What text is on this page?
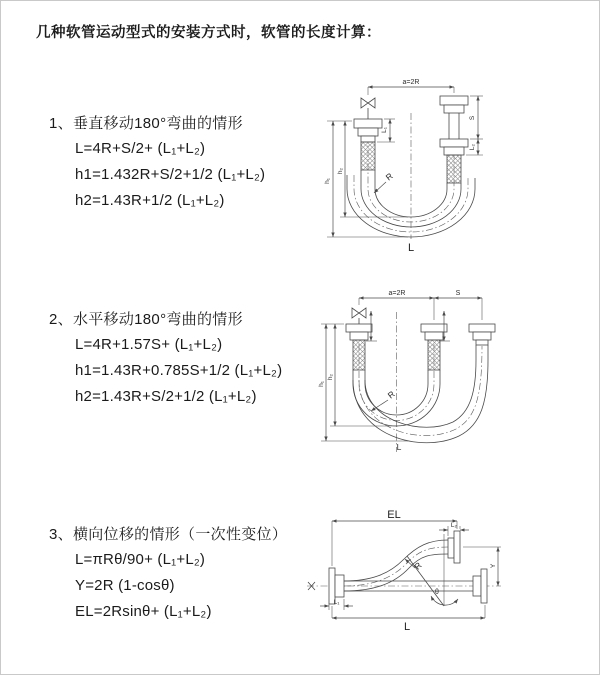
几种软管运动型式的安装方式时，软管的长度计算：
1、垂直移动180°弯曲的情形
L=4R+S/2+ (L₁+L₂)
h1=1.432R+S/2+1/2 (L₁+L₂)
h2=1.43R+1/2 (L₁+L₂)
2、水平移动180°弯曲的情形
L=4R+1.57S+ (L₁+L₂)
h1=1.43R+0.785S+1/2 (L₁+L₂)
h2=1.43R+S/2+1/2 (L₁+L₂)
3、横向位移的情形（一次性变位）
L=πRθ/90+ (L₁+L₂)
Y=2R (1-cosθ)
EL=2Rsinθ+ (L₁+L₂)
a=2R
h₁
h₂
L₁
S
L₂
R
L
a=2R	S
h₁
h₂
R
L
EL
L₂
Y
θ
R
L₁
L
